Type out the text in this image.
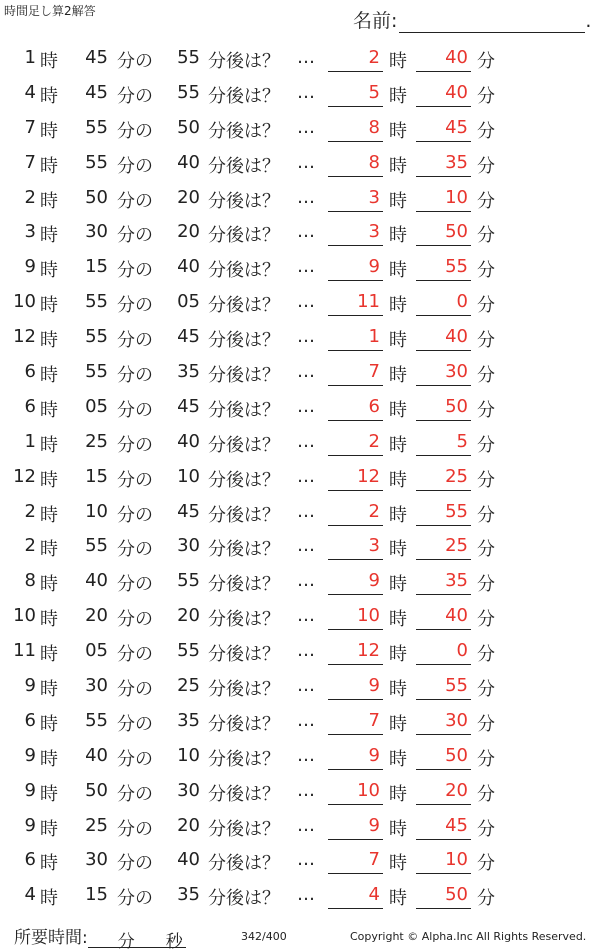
時間足し算2解答	名前:	.
1 時	45 分の	55 分後は？ …	2 時	40 分
4 時	45 分の	55 分後は？ …	5 時	40 分
7 時	55 分の	50 分後は？ …	8 時	45 分
7 時	55 分の	40 分後は？ …	8 時	35 分
2 時	50 分の	20 分後は？ …	3 時	10 分
3 時	30 分の	20 分後は？ …	3 時	50 分
9 時	15 分の	40 分後は？ …	9 時	55 分
10 時	55 分の	05 分後は？ …	11 時	0 分
12 時	55 分の	45 分後は？ …	1 時	40 分
6 時	55 分の	35 分後は？ …	7 時	30 分
6 時	05 分の	45 分後は？ …	6 時	50 分
1 時	25 分の	40 分後は？ …	2 時	5 分
12 時	15 分の	10 分後は？ …	12 時	25 分
2 時	10 分の	45 分後は？ …	2 時	55 分
2 時	55 分の	30 分後は？ …	3 時	25 分
8 時	40 分の	55 分後は？ …	9 時	35 分
10 時	20 分の	20 分後は？ …	10 時	40 分
11 時	05 分の	55 分後は？ …	12 時	0 分
9 時	30 分の	25 分後は？ …	9 時	55 分
6 時	55 分の	35 分後は？ …	7 時	30 分
9 時	40 分の	10 分後は？ …	9 時	50 分
9 時	50 分の	30 分後は？ …	10 時	20 分
9 時	25 分の	20 分後は？ …	9 時	45 分
6 時	30 分の	40 分後は？ …	7 時	10 分
4 時	15 分の	35 分後は？ …	4 時	50 分
所要時間: 分 秒	342/400	Copyright © Alpha.Inc All Rights Reserved.
